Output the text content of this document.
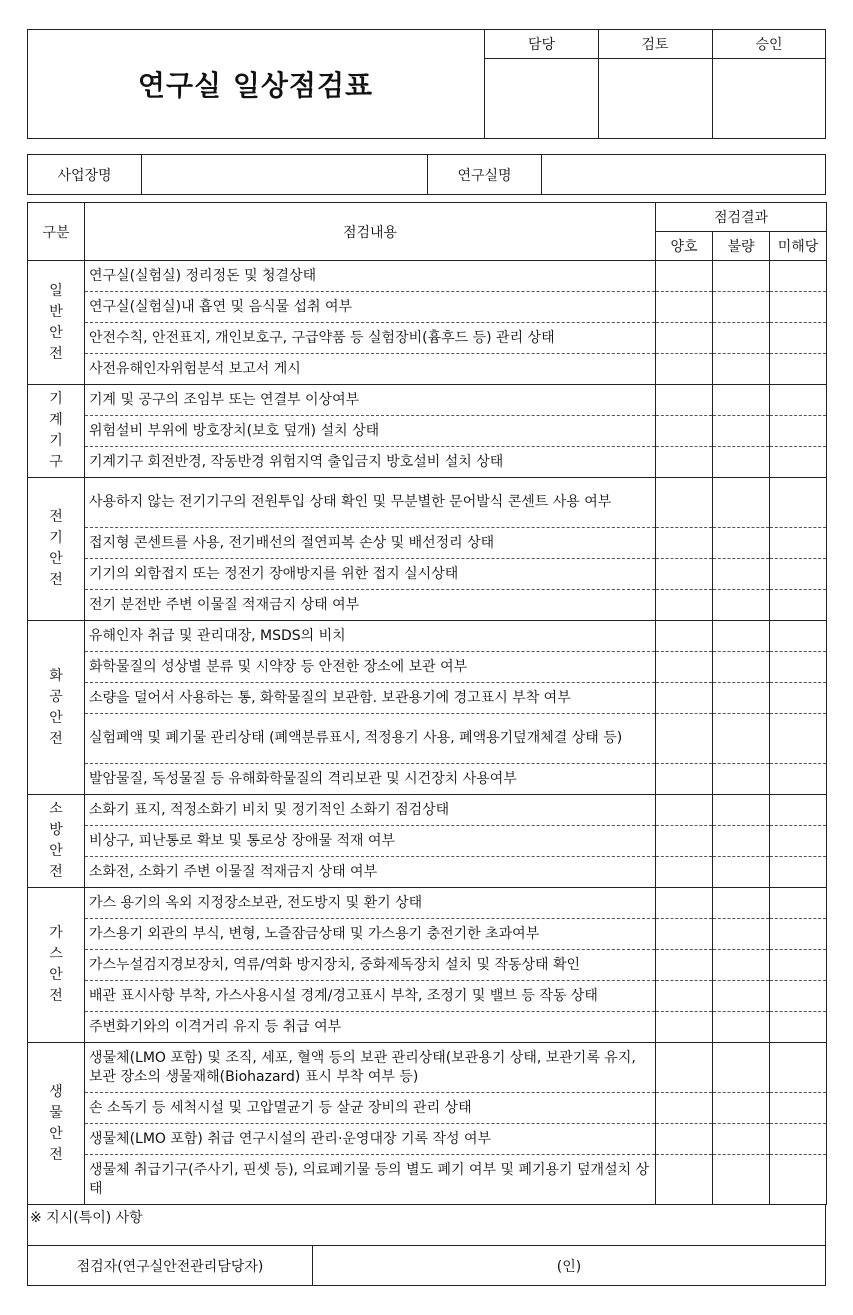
연구실 일상점검표
담당	검토	승인
사업장명	연구실명
구분	점검내용	점검결과		
		양호	불량	미해당

일반안전	연구실(실험실) 정리정돈 및 청결상태			
	연구실(실험실)내 흡연 및 음식물 섭취 여부			
	안전수칙, 안전표지, 개인보호구, 구급약품 등 실험장비(흄후드 등) 관리 상태			
	사전유해인자위험분석 보고서 게시			

기계기구	기계 및 공구의 조임부 또는 연결부 이상여부			
	위험설비 부위에 방호장치(보호 덮개) 설치 상태			
	기계기구 회전반경, 작동반경 위험지역 출입금지 방호설비 설치 상태			

전기안전	사용하지 않는 전기기구의 전원투입 상태 확인 및 무분별한 문어발식 콘센트 사용 여부			
	접지형 콘센트를 사용, 전기배선의 절연피복 손상 및 배선정리 상태			
	기기의 외함접지 또는 정전기 장애방지를 위한 접지 실시상태			
	전기 분전반 주변 이물질 적재금지 상태 여부			

화공안전	유해인자 취급 및 관리대장, MSDS의 비치			
	화학물질의 성상별 분류 및 시약장 등 안전한 장소에 보관 여부			
	소량을 덜어서 사용하는 통, 화학물질의 보관함. 보관용기에 경고표시 부착 여부			
	실험폐액 및 폐기물 관리상태 (폐액분류표시, 적정용기 사용, 폐액용기덮개체결 상태 등)			
	발암물질, 독성물질 등 유해화학물질의 격리보관 및 시건장치 사용여부			

소방안전	소화기 표지, 적정소화기 비치 및 정기적인 소화기 점검상태			
	비상구, 피난통로 확보 및 통로상 장애물 적재 여부			
	소화전, 소화기 주변 이물질 적재금지 상태 여부			

가스안전	가스 용기의 옥외 지정장소보관, 전도방지 및 환기 상태			
	가스용기 외관의 부식, 변형, 노즐잠금상태 및 가스용기 충전기한 초과여부			
	가스누설검지경보장치, 역류/역화 방지장치, 중화제독장치 설치 및 작동상태 확인			
	배관 표시사항 부착, 가스사용시설 경계/경고표시 부착, 조정기 및 밸브 등 작동 상태			
	주변화기와의 이격거리 유지 등 취급 여부			

생물안전	생물체(LMO 포함) 및 조직, 세포, 혈액 등의 보관 관리상태(보관용기 상태, 보관기록 유지, 보관 장소의 생물재해(Biohazard) 표시 부착 여부 등)			
	손 소독기 등 세척시설 및 고압멸균기 등 살균 장비의 관리 상태			
	생물체(LMO 포함) 취급 연구시설의 관리·운영대장 기록 작성 여부			
	생물체 취급기구(주사기, 핀셋 등), 의료폐기물 등의 별도 폐기 여부 및 폐기용기 덮개설치 상태			
※ 지시(특이) 사항
점검자(연구실안전관리담당자)	(인)
